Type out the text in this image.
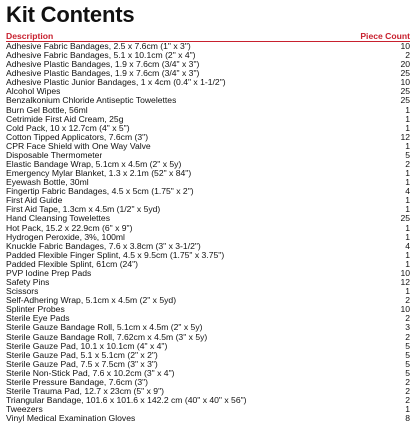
Kit Contents
Description	Piece Count
Adhesive Fabric Bandages, 2.5 x 7.6cm (1" x 3")	10
Adhesive Fabric Bandages, 5.1 x 10.1cm (2" x 4")	2
Adhesive Plastic Bandages, 1.9 x 7.6cm (3/4" x 3")	20
Adhesive Plastic Bandages, 1.9 x 7.6cm (3/4" x 3")	25
Adhesive Plastic Junior Bandages, 1 x 4cm (0.4" x 1-1/2")	10
Alcohol Wipes	25
Benzalkonium Chloride Antiseptic Towelettes	25
Burn Gel Bottle, 56ml	1
Cetrimide First Aid Cream, 25g	1
Cold Pack, 10 x 12.7cm (4" x 5")	1
Cotton Tipped Applicators, 7.6cm (3")	12
CPR Face Shield with One Way Valve	1
Disposable Thermometer	5
Elastic Bandage Wrap, 5.1cm x 4.5m (2" x 5y)	2
Emergency Mylar Blanket, 1.3 x 2.1m (52" x 84")	1
Eyewash Bottle, 30ml	1
Fingertip Fabric Bandages, 4.5 x 5cm (1.75" x 2")	4
First Aid Guide	1
First Aid Tape, 1.3cm x 4.5m (1/2" x 5yd)	1
Hand Cleansing Towelettes	25
Hot Pack, 15.2 x 22.9cm (6" x 9")	1
Hydrogen Peroxide, 3%, 100ml	1
Knuckle Fabric Bandages, 7.6 x 3.8cm (3" x 3-1/2")	4
Padded Flexible Finger Splint, 4.5 x 9.5cm (1.75" x 3.75")	1
Padded Flexible Splint, 61cm (24")	1
PVP Iodine Prep Pads	10
Safety Pins	12
Scissors	1
Self-Adhering Wrap, 5.1cm x 4.5m (2" x 5yd)	2
Splinter Probes	10
Sterile Eye Pads	2
Sterile Gauze Bandage Roll, 5.1cm x 4.5m (2" x 5y)	3
Sterile Gauze Bandage Roll, 7.62cm x 4.5m (3" x 5y)	2
Sterile Gauze Pad, 10.1 x 10.1cm (4" x 4")	5
Sterile Gauze Pad, 5.1 x 5.1cm (2" x 2")	5
Sterile Gauze Pad, 7.5 x 7.5cm (3" x 3")	5
Sterile Non-Stick Pad, 7.6 x 10.2cm (3" x 4")	5
Sterile Pressure Bandage, 7.6cm (3")	2
Sterile Trauma Pad, 12.7 x 23cm (5" x 9")	2
Triangular Bandage, 101.6 x 101.6 x 142.2 cm (40" x 40" x 56")	2
Tweezers	1
Vinyl Medical Examination Gloves	8
